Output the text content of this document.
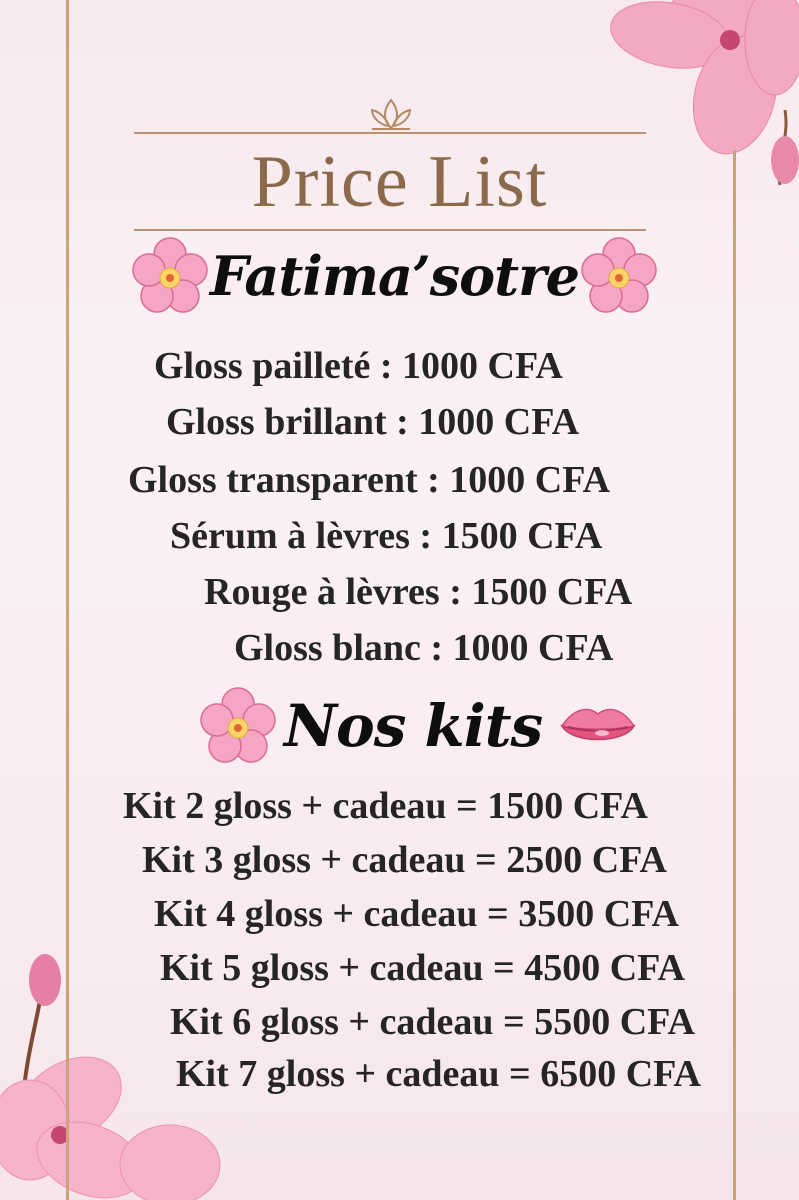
Price List
Fatima’sotre
Gloss pailleté : 1000 CFA
Gloss brillant : 1000 CFA
Gloss transparent : 1000 CFA
Sérum à lèvres : 1500 CFA
Rouge à lèvres : 1500 CFA
Gloss blanc : 1000 CFA
Nos kits
Kit 2 gloss + cadeau = 1500 CFA
Kit 3 gloss + cadeau = 2500 CFA
Kit 4 gloss + cadeau = 3500 CFA
Kit 5 gloss + cadeau = 4500 CFA
Kit 6 gloss + cadeau = 5500 CFA
Kit 7 gloss + cadeau = 6500 CFA
